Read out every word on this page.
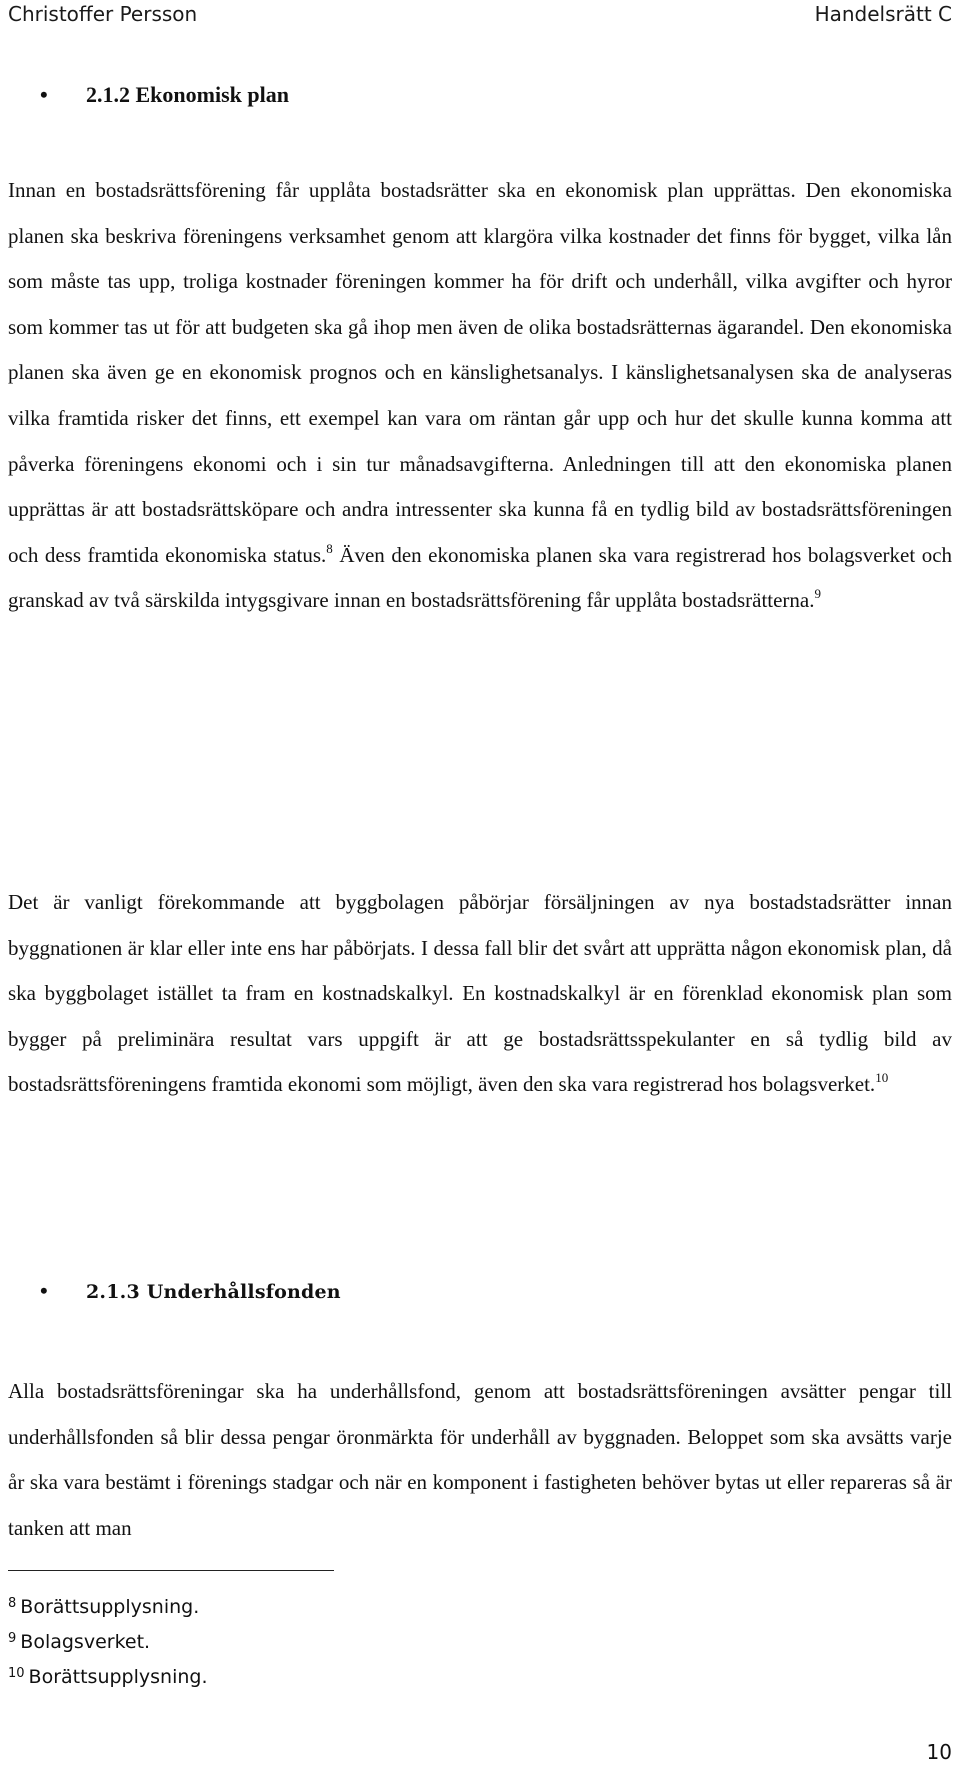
Christoffer Persson	Handelsrätt C
• 2.1.2 Ekonomisk plan

Innan en bostadsrättsförening får upplåta bostadsrätter ska en ekonomisk plan upprättas. Den ekonomiska planen ska beskriva föreningens verksamhet genom att klargöra vilka kostnader det finns för bygget, vilka lån som måste tas upp, troliga kostnader föreningen kommer ha för drift och underhåll, vilka avgifter och hyror som kommer tas ut för att budgeten ska gå ihop men även de olika bostadsrätternas ägarandel. Den ekonomiska planen ska även ge en ekonomisk prognos och en känslighetsanalys. I känslighetsanalysen ska de analyseras vilka framtida risker det finns, ett exempel kan vara om räntan går upp och hur det skulle kunna komma att påverka föreningens ekonomi och i sin tur månadsavgifterna. Anledningen till att den ekonomiska planen upprättas är att bostadsrättsköpare och andra intressenter ska kunna få en tydlig bild av bostadsrättsföreningen och dess framtida ekonomiska status.$^8$ Även den ekonomiska planen ska vara registrerad hos bolagsverket och granskad av två särskilda intygsgivare innan en bostadsrättsförening får upplåta bostadsrätterna.$^9$

Det är vanligt förekommande att byggbolagen påbörjar försäljningen av nya bostadstadsrätter innan byggnationen är klar eller inte ens har påbörjats. I dessa fall blir det svårt att upprätta någon ekonomisk plan, då ska byggbolaget istället ta fram en kostnadskalkyl. En kostnadskalkyl är en förenklad ekonomisk plan som bygger på preliminära resultat vars uppgift är att ge bostadsrättsspekulanter en så tydlig bild av bostadsrättsföreningens framtida ekonomi som möjligt, även den ska vara registrerad hos bolagsverket.$^{10}$

• 2.1.3 Underhållsfonden

Alla bostadsrättsföreningar ska ha underhållsfond, genom att bostadsrättsföreningen avsätter pengar till underhållsfonden så blir dessa pengar öronmärkta för underhåll av byggnaden. Beloppet som ska avsätts varje år ska vara bestämt i förenings stadgar och när en komponent i fastigheten behöver bytas ut eller repareras så är tanken att man

$^8$ Borättsupplysning.
$^9$ Bolagsverket.
$^{10}$ Borättsupplysning.
10
